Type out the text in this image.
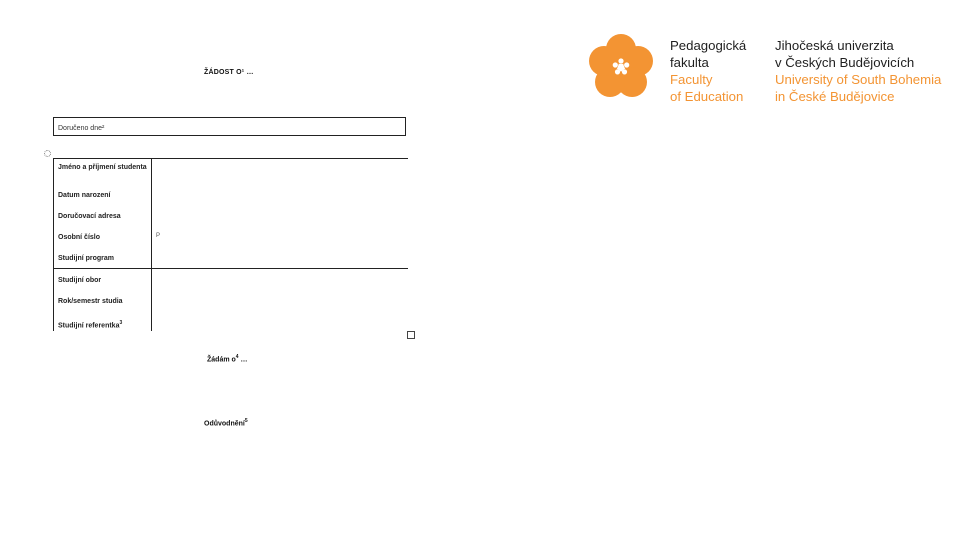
ŽÁDOST O¹ …
Doručeno dne²
Jméno a příjmení studenta
Datum narození
Doručovací adresa
Osobní číslo
Studijní program
P
Studijní obor
Rok/semestr studia
Studijní referentka$^3$
Žádám $o^4$ …
Odůvodnění$^5$
Pedagogická
fakulta
Faculty
of Education
Jihočeská univerzita
v Českých Budějovicích
University of South Bohemia
in České Budějovice
